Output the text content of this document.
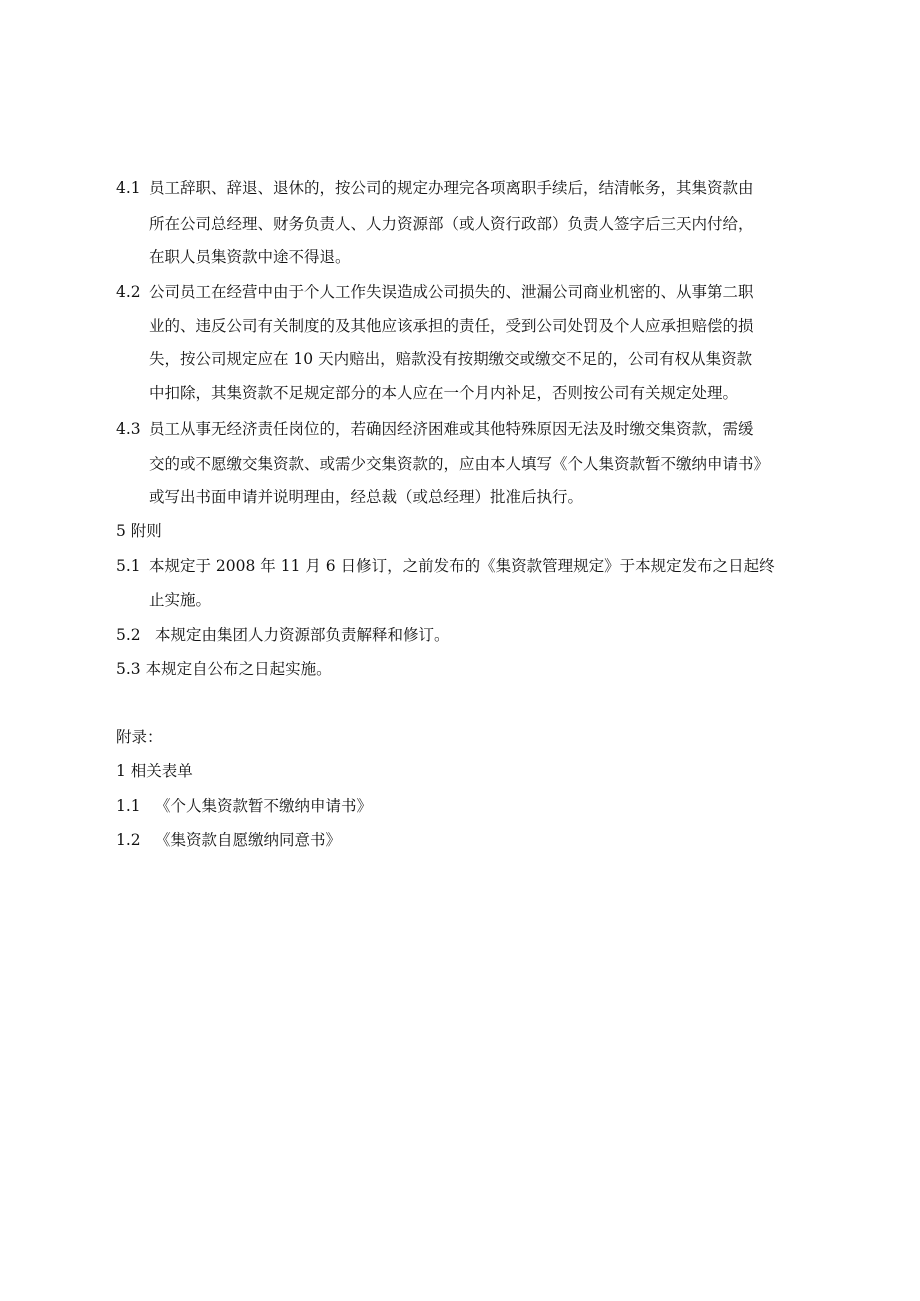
4.1 员工辞职、辞退、退休的，按公司的规定办理完各项离职手续后，结清帐务，其集资款由
所在公司总经理、财务负责人、人力资源部（或人资行政部）负责人签字后三天内付给，
在职人员集资款中途不得退。
4.2 公司员工在经营中由于个人工作失误造成公司损失的、泄漏公司商业机密的、从事第二职
业的、违反公司有关制度的及其他应该承担的责任，受到公司处罚及个人应承担赔偿的损
失，按公司规定应在 10 天内赔出，赔款没有按期缴交或缴交不足的，公司有权从集资款
中扣除，其集资款不足规定部分的本人应在一个月内补足，否则按公司有关规定处理。
4.3 员工从事无经济责任岗位的，若确因经济困难或其他特殊原因无法及时缴交集资款，需缓
交的或不愿缴交集资款、或需少交集资款的，应由本人填写《个人集资款暂不缴纳申请书》
或写出书面申请并说明理由，经总裁（或总经理）批准后执行。
5 附则
5.1 本规定于 2008 年 11 月 6 日修订，之前发布的《集资款管理规定》于本规定发布之日起终
止实施。
5.2 本规定由集团人力资源部负责解释和修订。
5.3 本规定自公布之日起实施。
附录：
1 相关表单
1.1 《个人集资款暂不缴纳申请书》
1.2 《集资款自愿缴纳同意书》
